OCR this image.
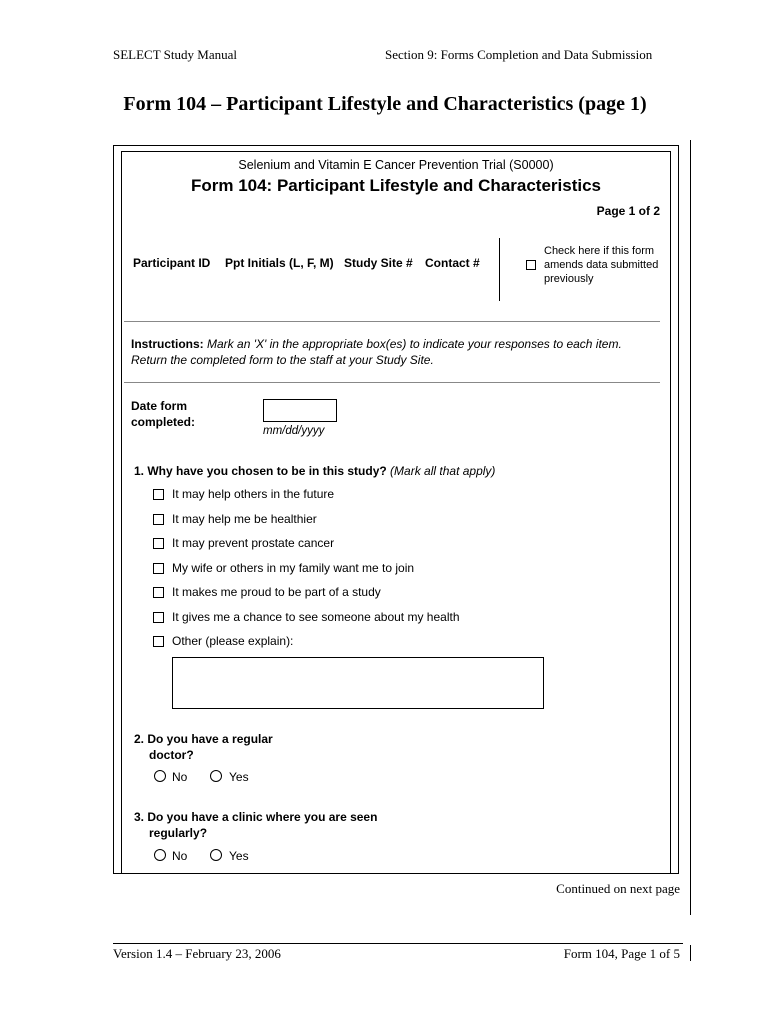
SELECT Study Manual	Section 9: Forms Completion and Data Submission
Form 104 – Participant Lifestyle and Characteristics (page 1)
Selenium and Vitamin E Cancer Prevention Trial (S0000)
Form 104: Participant Lifestyle and Characteristics
Page 1 of 2
Participant ID Ppt Initials (L, F, M) Study Site # Contact #
Check here if this form
amends data submitted
previously
Instructions: Mark an 'X' in the appropriate box(es) to indicate your responses to each item.
Return the completed form to the staff at your Study Site.
Date form
completed:
mm/dd/yyyy
1. Why have you chosen to be in this study? (Mark all that apply)
It may help others in the future
It may help me be healthier
It may prevent prostate cancer
My wife or others in my family want me to join
It makes me proud to be part of a study
It gives me a chance to see someone about my health
Other (please explain):
2. Do you have a regular
doctor?
No	Yes
3. Do you have a clinic where you are seen
regularly?
No	Yes
Continued on next page
Version 1.4 – February 23, 2006	Form 104, Page 1 of 5
